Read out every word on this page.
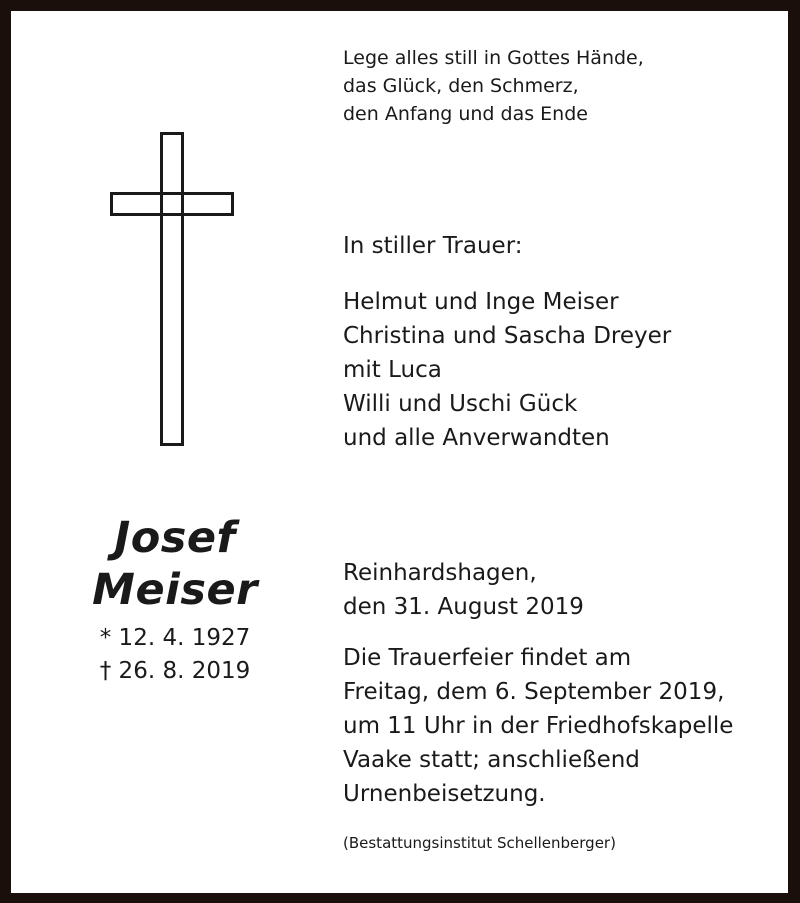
Lege alles still in Gottes Hände,
das Glück, den Schmerz,
den Anfang und das Ende

In stiller Trauer:

Helmut und Inge Meiser
Christina und Sascha Dreyer
mit Luca
Willi und Uschi Gück
und alle Anverwandten

Josef

Meiser

* 12. 4. 1927
† 26. 8. 2019
Reinhardshagen,
den 31. August 2019
Die Trauerfeier findet am
Freitag, dem 6. September 2019,
um 11 Uhr in der Friedhofskapelle
Vaake statt; anschließend
Urnenbeisetzung.

(Bestattungsinstitut Schellenberger)
